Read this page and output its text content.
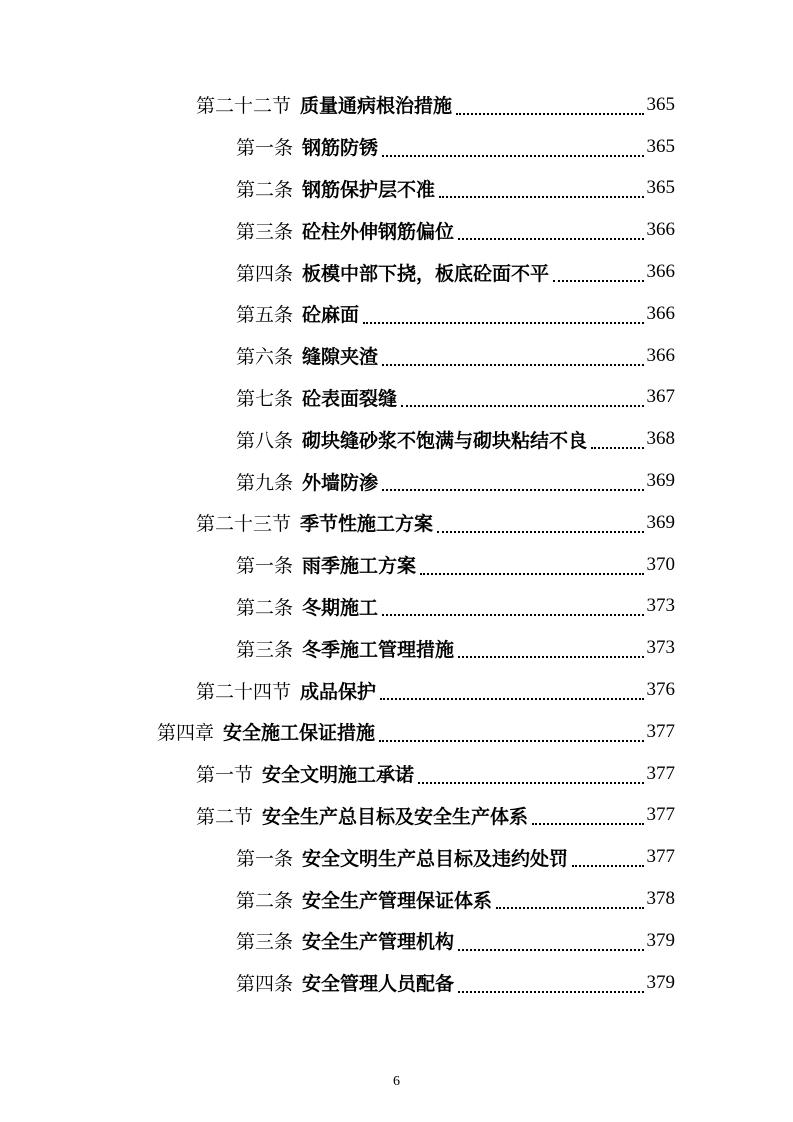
第二十二节 质量通病根治措施	365
第一条 钢筋防锈	365
第二条 钢筋保护层不准	365
第三条 砼柱外伸钢筋偏位	366
第四条 板模中部下挠，板底砼面不平	366
第五条 砼麻面	366
第六条 缝隙夹渣	366
第七条 砼表面裂缝	367
第八条 砌块缝砂浆不饱满与砌块粘结不良	368
第九条 外墙防渗	369
第二十三节 季节性施工方案	369
第一条 雨季施工方案	370
第二条 冬期施工	373
第三条 冬季施工管理措施	373
第二十四节 成品保护	376
第四章 安全施工保证措施	377
第一节 安全文明施工承诺	377
第二节 安全生产总目标及安全生产体系	377
第一条 安全文明生产总目标及违约处罚	377
第二条 安全生产管理保证体系	378
第三条 安全生产管理机构	379
第四条 安全管理人员配备	379
6
